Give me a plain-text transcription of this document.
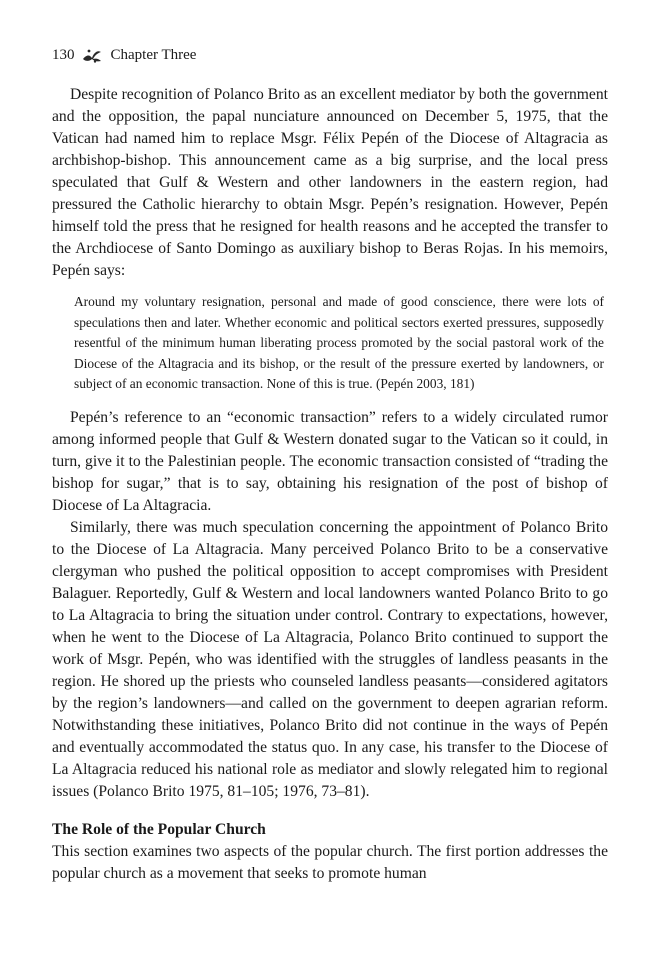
130 Chapter Three

Despite recognition of Polanco Brito as an excellent mediator by both the government and the opposition, the papal nunciature announced on December 5, 1975, that the Vatican had named him to replace Msgr. Félix Pepén of the Diocese of Altagracia as archbishop-bishop. This announcement came as a big surprise, and the local press speculated that Gulf & Western and other landowners in the eastern region, had pressured the Catholic hierarchy to obtain Msgr. Pepén’s resignation. However, Pepén himself told the press that he resigned for health reasons and he accepted the transfer to the Archdiocese of Santo Domingo as auxiliary bishop to Beras Rojas. In his memoirs, Pepén says:

Around my voluntary resignation, personal and made of good conscience, there were lots of speculations then and later. Whether economic and political sectors exerted pressures, supposedly resentful of the minimum human liberating process promoted by the social pastoral work of the Diocese of the Altagracia and its bishop, or the result of the pressure exerted by landowners, or subject of an economic transaction. None of this is true. (Pepén 2003, 181)

Pepén’s reference to an “economic transaction” refers to a widely circulated rumor among informed people that Gulf & Western donated sugar to the Vatican so it could, in turn, give it to the Palestinian people. The economic transaction consisted of “trading the bishop for sugar,” that is to say, obtaining his resignation of the post of bishop of Diocese of La Altagracia.

Similarly, there was much speculation concerning the appointment of Polanco Brito to the Diocese of La Altagracia. Many perceived Polanco Brito to be a conservative clergyman who pushed the political opposition to accept compromises with President Balaguer. Reportedly, Gulf & Western and local landowners wanted Polanco Brito to go to La Altagracia to bring the situation under control. Contrary to expectations, however, when he went to the Diocese of La Altagracia, Polanco Brito continued to support the work of Msgr. Pepén, who was identified with the struggles of landless peasants in the region. He shored up the priests who counseled landless peasants—considered agitators by the region’s landowners—and called on the government to deepen agrarian reform. Notwithstanding these initiatives, Polanco Brito did not continue in the ways of Pepén and eventually accommodated the status quo. In any case, his transfer to the Diocese of La Altagracia reduced his national role as mediator and slowly relegated him to regional issues (Polanco Brito 1975, 81–105; 1976, 73–81).

The Role of the Popular Church

This section examines two aspects of the popular church. The first portion addresses the popular church as a movement that seeks to promote human
